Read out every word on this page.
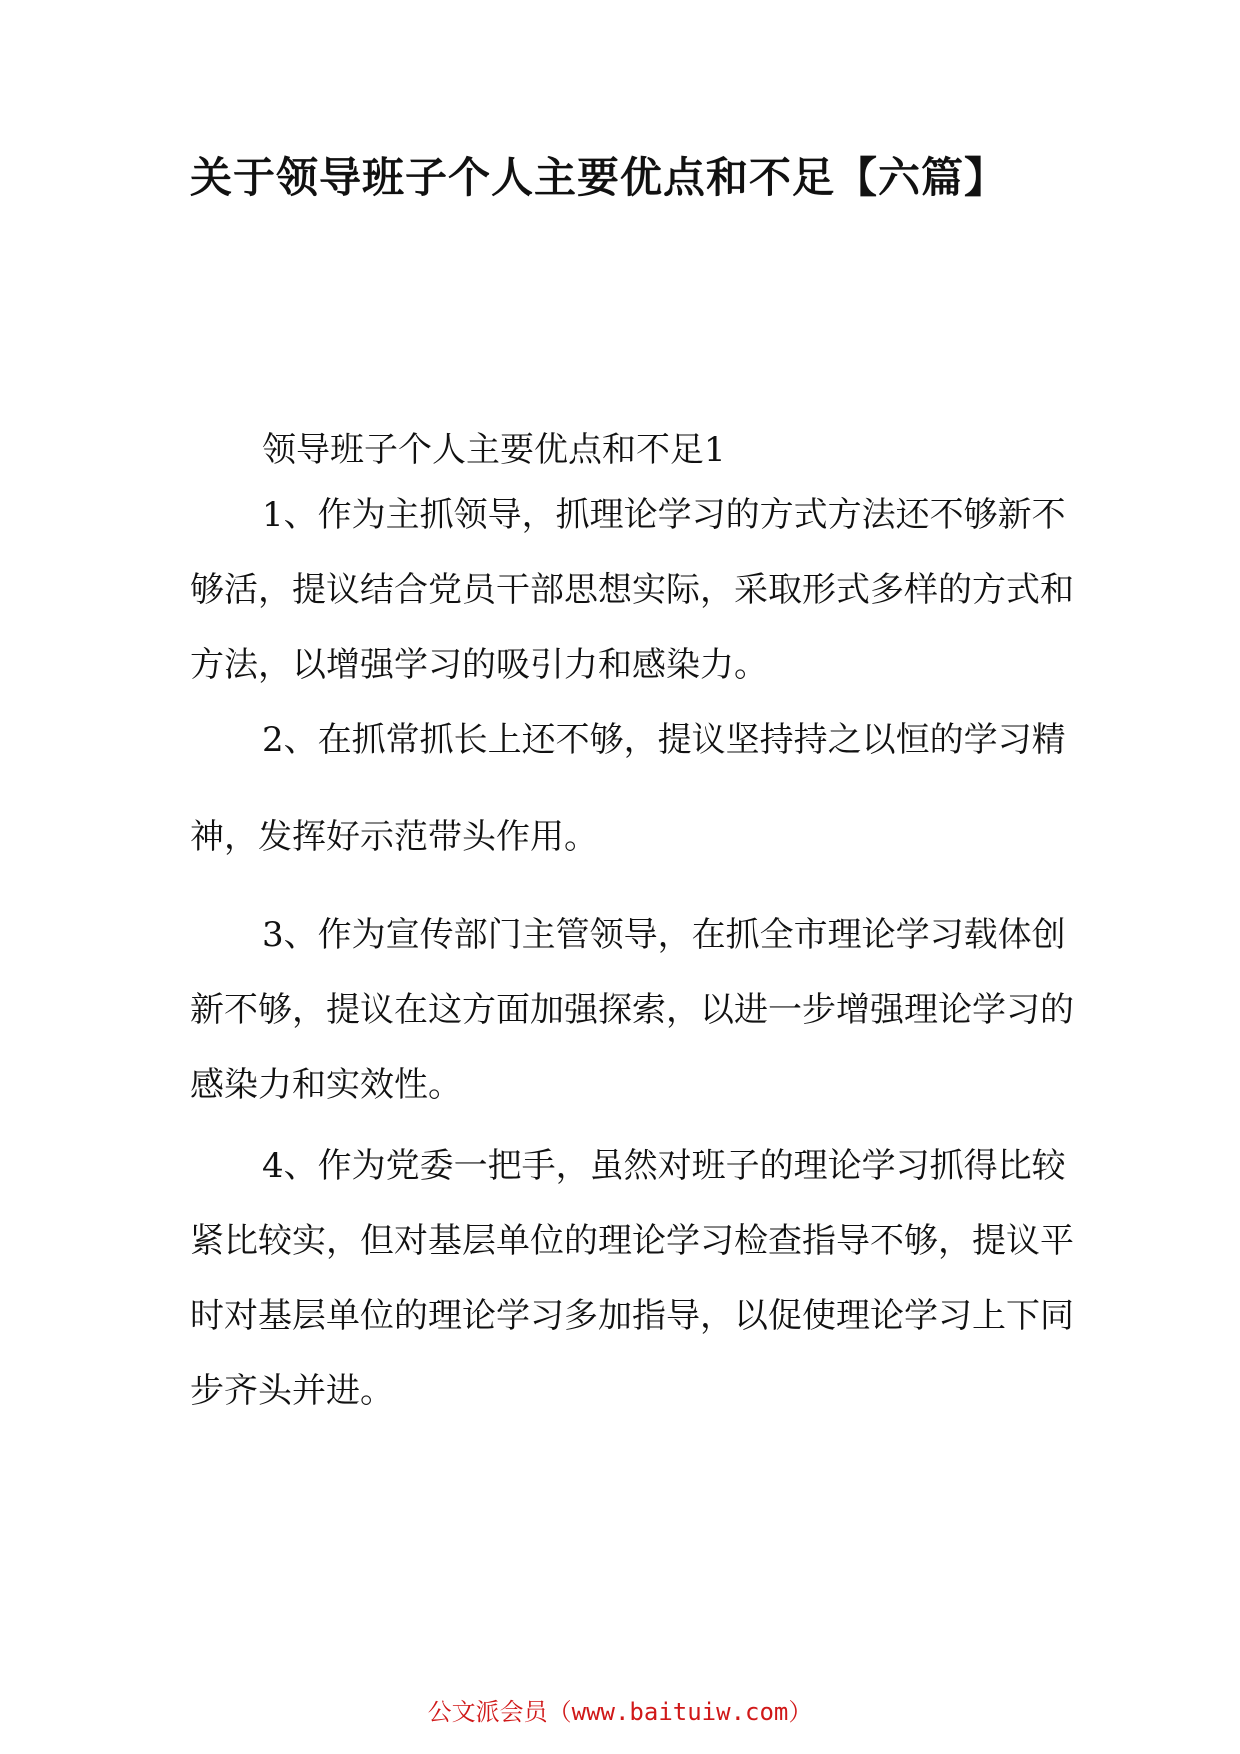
关于领导班子个人主要优点和不足【六篇】

领导班子个人主要优点和不足1

1、作为主抓领导，抓理论学习的方式方法还不够新不
够活，提议结合党员干部思想实际，采取形式多样的方式和
方法，以增强学习的吸引力和感染力。
2、在抓常抓长上还不够，提议坚持持之以恒的学习精
神，发挥好示范带头作用。
3、作为宣传部门主管领导，在抓全市理论学习载体创
新不够，提议在这方面加强探索，以进一步增强理论学习的
感染力和实效性。
4、作为党委一把手，虽然对班子的理论学习抓得比较
紧比较实，但对基层单位的理论学习检查指导不够，提议平
时对基层单位的理论学习多加指导，以促使理论学习上下同
步齐头并进。
公文派会员（www.baituiw.com）
